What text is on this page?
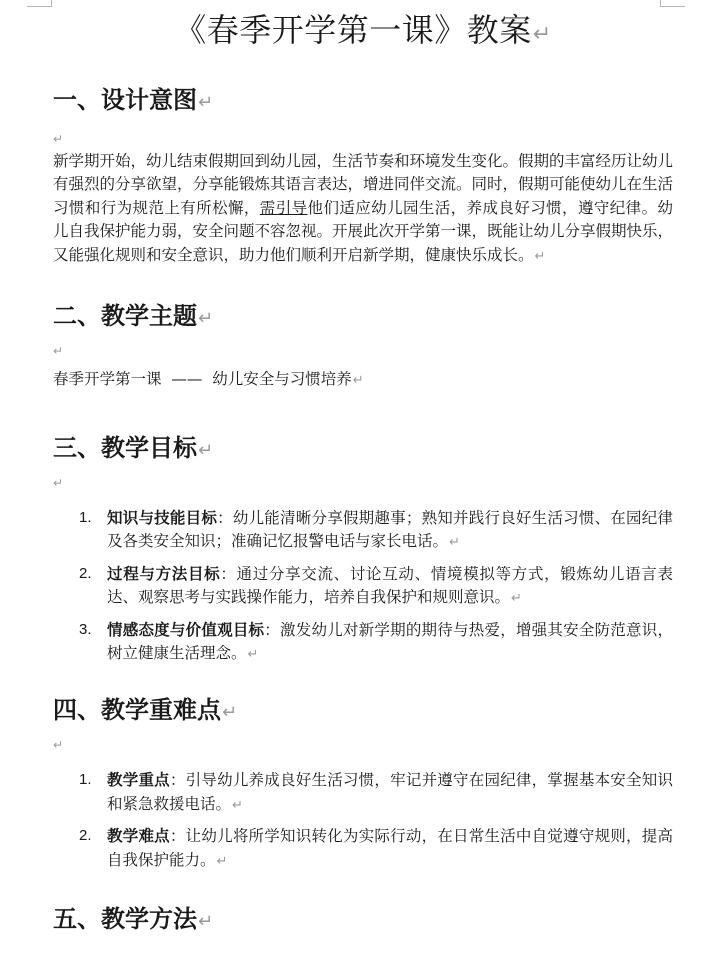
《春季开学第一课》教案↵
一、设计意图↵
↵

新学期开始，幼儿结束假期回到幼儿园，生活节奏和环境发生变化。假期的丰富经历让幼儿有强烈的分享欲望，分享能锻炼其语言表达，增进同伴交流。同时，假期可能使幼儿在生活习惯和行为规范上有所松懈，需引导他们适应幼儿园生活，养成良好习惯，遵守纪律。幼儿自我保护能力弱，安全问题不容忽视。开展此次开学第一课，既能让幼儿分享假期快乐，又能强化规则和安全意识，助力他们顺利开启新学期，健康快乐成长。↵

二、教学主题↵
↵

春季开学第一课  ——  幼儿安全与习惯培养↵

三、教学目标↵
↵
1. 知识与技能目标：幼儿能清晰分享假期趣事；熟知并践行良好生活习惯、在园纪律及各类安全知识；准确记忆报警电话与家长电话。↵
2. 过程与方法目标：通过分享交流、讨论互动、情境模拟等方式，锻炼幼儿语言表达、观察思考与实践操作能力，培养自我保护和规则意识。↵
3. 情感态度与价值观目标：激发幼儿对新学期的期待与热爱，增强其安全防范意识，树立健康生活理念。↵
四、教学重难点↵
↵
1. 教学重点：引导幼儿养成良好生活习惯，牢记并遵守在园纪律，掌握基本安全知识和紧急救援电话。↵
2. 教学难点：让幼儿将所学知识转化为实际行动，在日常生活中自觉遵守规则，提高自我保护能力。↵
五、教学方法↵
